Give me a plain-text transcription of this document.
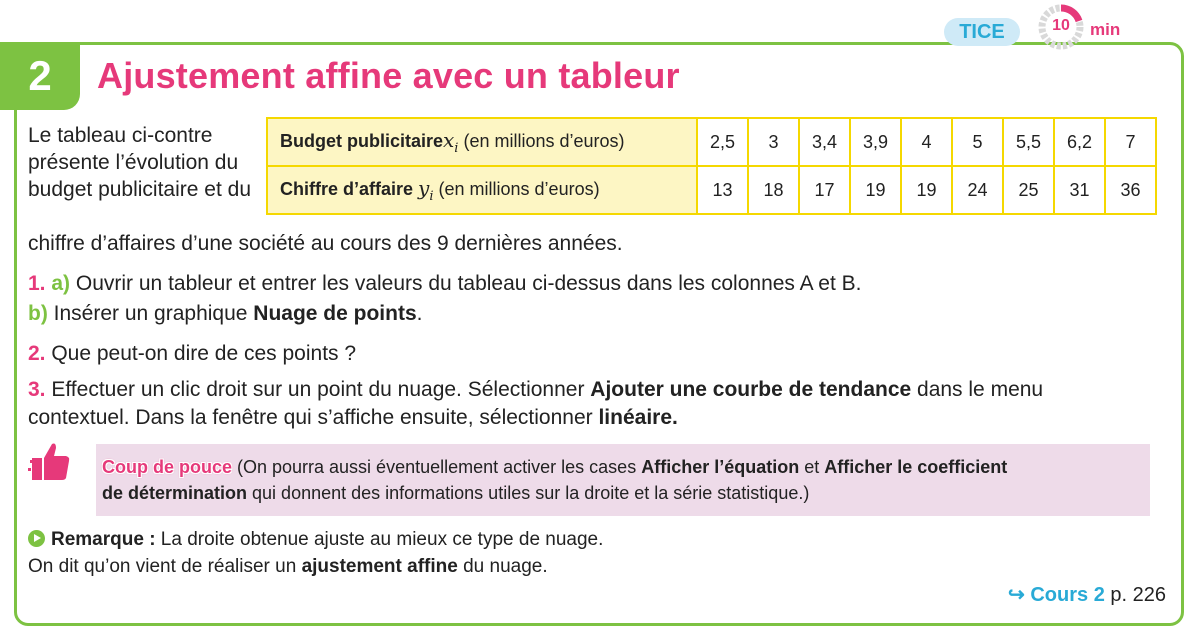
2	Ajustement affine avec un tableur
TICE	10	min
Le tableau ci-contre présente l’évolution du budget publicitaire et du
Budget publicitairex$_i$ (en millions d’euros)	2,5	3	3,4	3,9	4	5	5,5	6,2	7
Chiffre d’affaire $y_i$ (en millions d’euros)	13	18	17	19	19	24	25	31	36
chiffre d’affaires d’une société au cours des 9 dernières années.
1. a) Ouvrir un tableur et entrer les valeurs du tableau ci-dessus dans les colonnes A et B.
b) Insérer un graphique Nuage de points.
2. Que peut-on dire de ces points ?
3. Effectuer un clic droit sur un point du nuage. Sélectionner Ajouter une courbe de tendance dans le menu
contextuel. Dans la fenêtre qui s’affiche ensuite, sélectionner linéaire.
Coup de pouce (On pourra aussi éventuellement activer les cases Afficher l’équation et Afficher le coefficient
de détermination qui donnent des informations utiles sur la droite et la série statistique.)
Remarque : La droite obtenue ajuste au mieux ce type de nuage.
On dit qu’on vient de réaliser un ajustement affine du nuage.
↪ Cours 2 p. 226
